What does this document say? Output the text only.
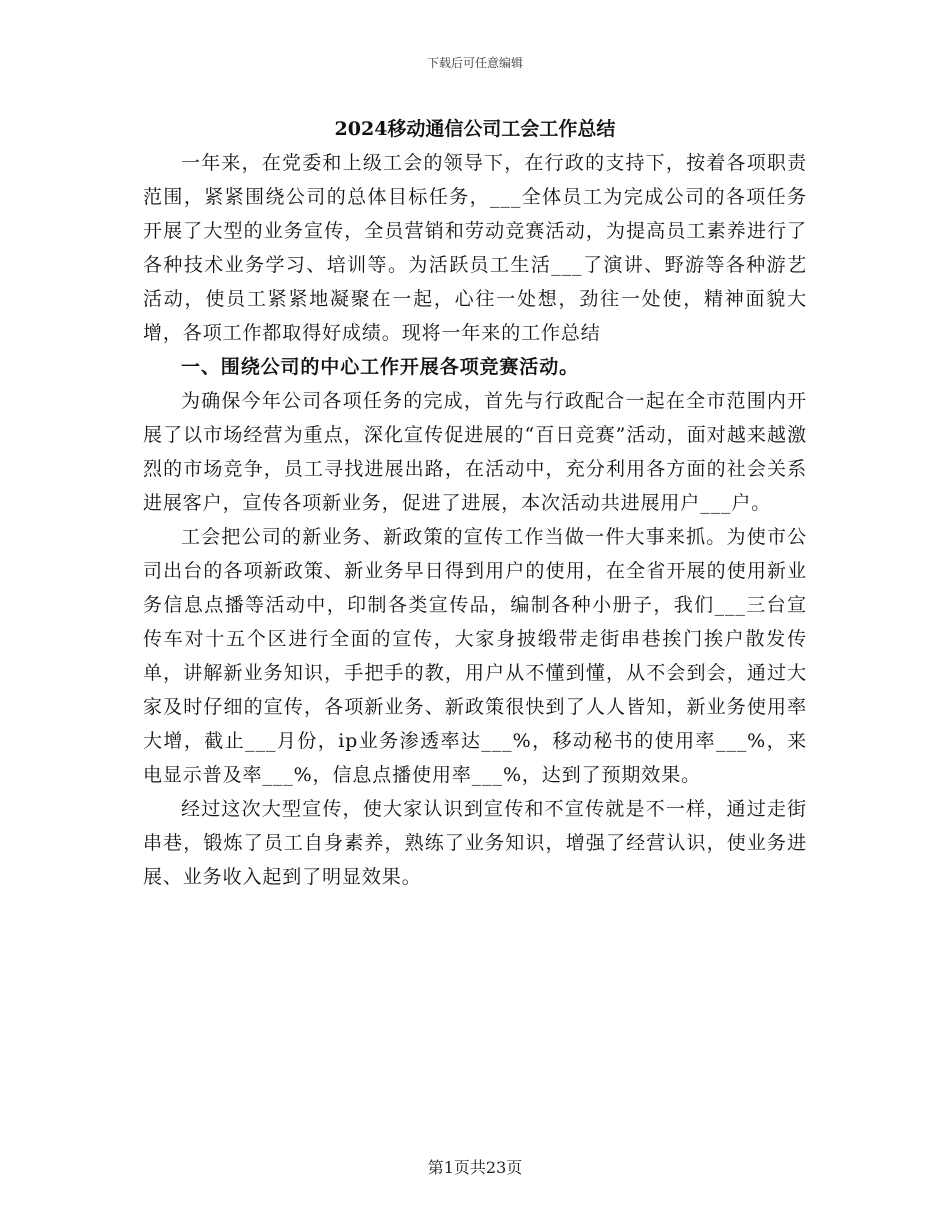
下载后可任意编辑
2024移动通信公司工会工作总结

一年来，在党委和上级工会的领导下，在行政的支持下，按着各项职责范围，紧紧围绕公司的总体目标任务，___全体员工为完成公司的各项任务开展了大型的业务宣传，全员营销和劳动竞赛活动，为提高员工素养进行了各种技术业务学习、培训等。为活跃员工生活___了演讲、野游等各种游艺活动，使员工紧紧地凝聚在一起，心往一处想，劲往一处使，精神面貌大增，各项工作都取得好成绩。现将一年来的工作总结

一、围绕公司的中心工作开展各项竞赛活动。

为确保今年公司各项任务的完成，首先与行政配合一起在全市范围内开展了以市场经营为重点，深化宣传促进展的“百日竞赛”活动，面对越来越激烈的市场竞争，员工寻找进展出路，在活动中，充分利用各方面的社会关系进展客户，宣传各项新业务，促进了进展，本次活动共进展用户___户。

工会把公司的新业务、新政策的宣传工作当做一件大事来抓。为使市公司出台的各项新政策、新业务早日得到用户的使用，在全省开展的使用新业务信息点播等活动中，印制各类宣传品，编制各种小册子，我们___三台宣传车对十五个区进行全面的宣传，大家身披缎带走街串巷挨门挨户散发传单，讲解新业务知识，手把手的教，用户从不懂到懂，从不会到会，通过大家及时仔细的宣传，各项新业务、新政策很快到了人人皆知，新业务使用率大增，截止___月份，ip业务渗透率达___%，移动秘书的使用率___%，来电显示普及率___%，信息点播使用率___%，达到了预期效果。

经过这次大型宣传，使大家认识到宣传和不宣传就是不一样，通过走街串巷，锻炼了员工自身素养，熟练了业务知识，增强了经营认识，使业务进展、业务收入起到了明显效果。

第1页共23页
